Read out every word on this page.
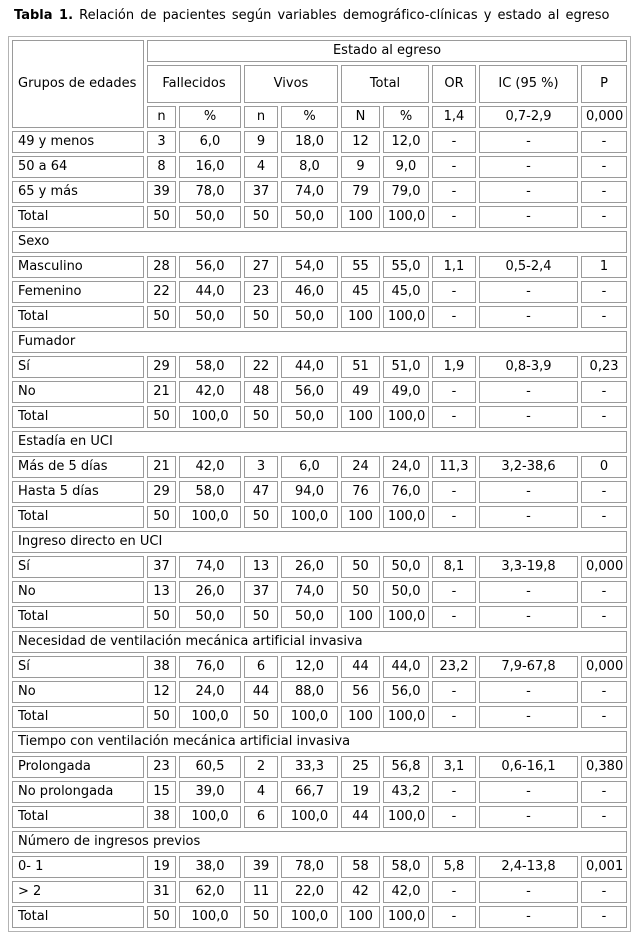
Tabla 1. Relación de pacientes según variables demográfico-clínicas y estado al egreso
Grupos de edades	Estado al egreso								
	Fallecidos		Vivos		Total		OR	IC (95 %)	P
	n	%	n	%	N	%	1,4	0,7-2,9	0,000
49 y menos	3	6,0	9	18,0	12	12,0	-	-	-
50 a 64	8	16,0	4	8,0	9	9,0	-	-	-
65 y más	39	78,0	37	74,0	79	79,0	-	-	-
Total	50	50,0	50	50,0	100	100,0	-	-	-
Sexo									
Masculino	28	56,0	27	54,0	55	55,0	1,1	0,5-2,4	1
Femenino	22	44,0	23	46,0	45	45,0	-	-	-
Total	50	50,0	50	50,0	100	100,0	-	-	-
Fumador									
Sí	29	58,0	22	44,0	51	51,0	1,9	0,8-3,9	0,23
No	21	42,0	48	56,0	49	49,0	-	-	-
Total	50	100,0	50	50,0	100	100,0	-	-	-
Estadía en UCI									
Más de 5 días	21	42,0	3	6,0	24	24,0	11,3	3,2-38,6	0
Hasta 5 días	29	58,0	47	94,0	76	76,0	-	-	-
Total	50	100,0	50	100,0	100	100,0	-	-	-
Ingreso directo en UCI									
Sí	37	74,0	13	26,0	50	50,0	8,1	3,3-19,8	0,000
No	13	26,0	37	74,0	50	50,0	-	-	-
Total	50	50,0	50	50,0	100	100,0	-	-	-
Necesidad de ventilación mecánica artificial invasiva									
Sí	38	76,0	6	12,0	44	44,0	23,2	7,9-67,8	0,000
No	12	24,0	44	88,0	56	56,0	-	-	-
Total	50	100,0	50	100,0	100	100,0	-	-	-
Tiempo con ventilación mecánica artificial invasiva									
Prolongada	23	60,5	2	33,3	25	56,8	3,1	0,6-16,1	0,380
No prolongada	15	39,0	4	66,7	19	43,2	-	-	-
Total	38	100,0	6	100,0	44	100,0	-	-	-
Número de ingresos previos									
0- 1	19	38,0	39	78,0	58	58,0	5,8	2,4-13,8	0,001
> 2	31	62,0	11	22,0	42	42,0	-	-	-
Total	50	100,0	50	100,0	100	100,0	-	-	-
